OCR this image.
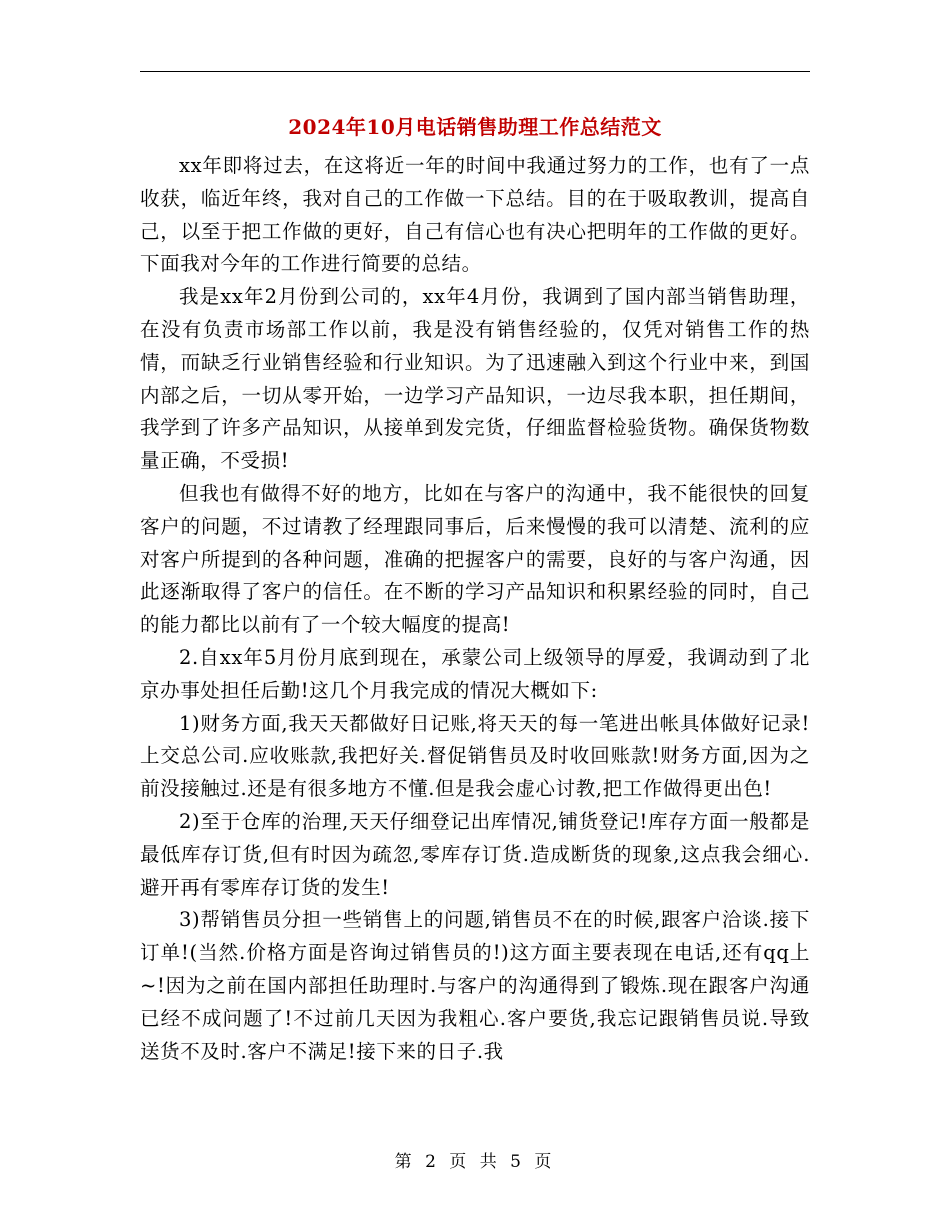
2024年10月电话销售助理工作总结范文

xx年即将过去，在这将近一年的时间中我通过努力的工作，也有了一点收获，临近年终，我对自己的工作做一下总结。目的在于吸取教训，提高自己，以至于把工作做的更好，自己有信心也有决心把明年的工作做的更好。下面我对今年的工作进行简要的总结。

我是xx年2月份到公司的，xx年4月份，我调到了国内部当销售助理，在没有负责市场部工作以前，我是没有销售经验的，仅凭对销售工作的热情，而缺乏行业销售经验和行业知识。为了迅速融入到这个行业中来，到国内部之后，一切从零开始，一边学习产品知识，一边尽我本职，担任期间，我学到了许多产品知识，从接单到发完货，仔细监督检验货物。确保货物数量正确，不受损!

但我也有做得不好的地方，比如在与客户的沟通中，我不能很快的回复客户的问题，不过请教了经理跟同事后，后来慢慢的我可以清楚、流利的应对客户所提到的各种问题，准确的把握客户的需要，良好的与客户沟通，因此逐渐取得了客户的信任。在不断的学习产品知识和积累经验的同时，自己的能力都比以前有了一个较大幅度的提高!

2.自xx年5月份月底到现在，承蒙公司上级领导的厚爱，我调动到了北京办事处担任后勤!这几个月我完成的情况大概如下:

1)财务方面,我天天都做好日记账,将天天的每一笔进出帐具体做好记录!上交总公司.应收账款,我把好关.督促销售员及时收回账款!财务方面,因为之前没接触过.还是有很多地方不懂.但是我会虚心讨教,把工作做得更出色!

2)至于仓库的治理,天天仔细登记出库情况,铺货登记!库存方面一般都是最低库存订货,但有时因为疏忽,零库存订货.造成断货的现象,这点我会细心.避开再有零库存订货的发生!

3)帮销售员分担一些销售上的问题,销售员不在的时候,跟客户洽谈.接下订单!(当然.价格方面是咨询过销售员的!)这方面主要表现在电话,还有qq上~!因为之前在国内部担任助理时.与客户的沟通得到了锻炼.现在跟客户沟通已经不成问题了!不过前几天因为我粗心.客户要货,我忘记跟销售员说.导致送货不及时.客户不满足!接下来的日子.我

第 2 页 共 5 页
